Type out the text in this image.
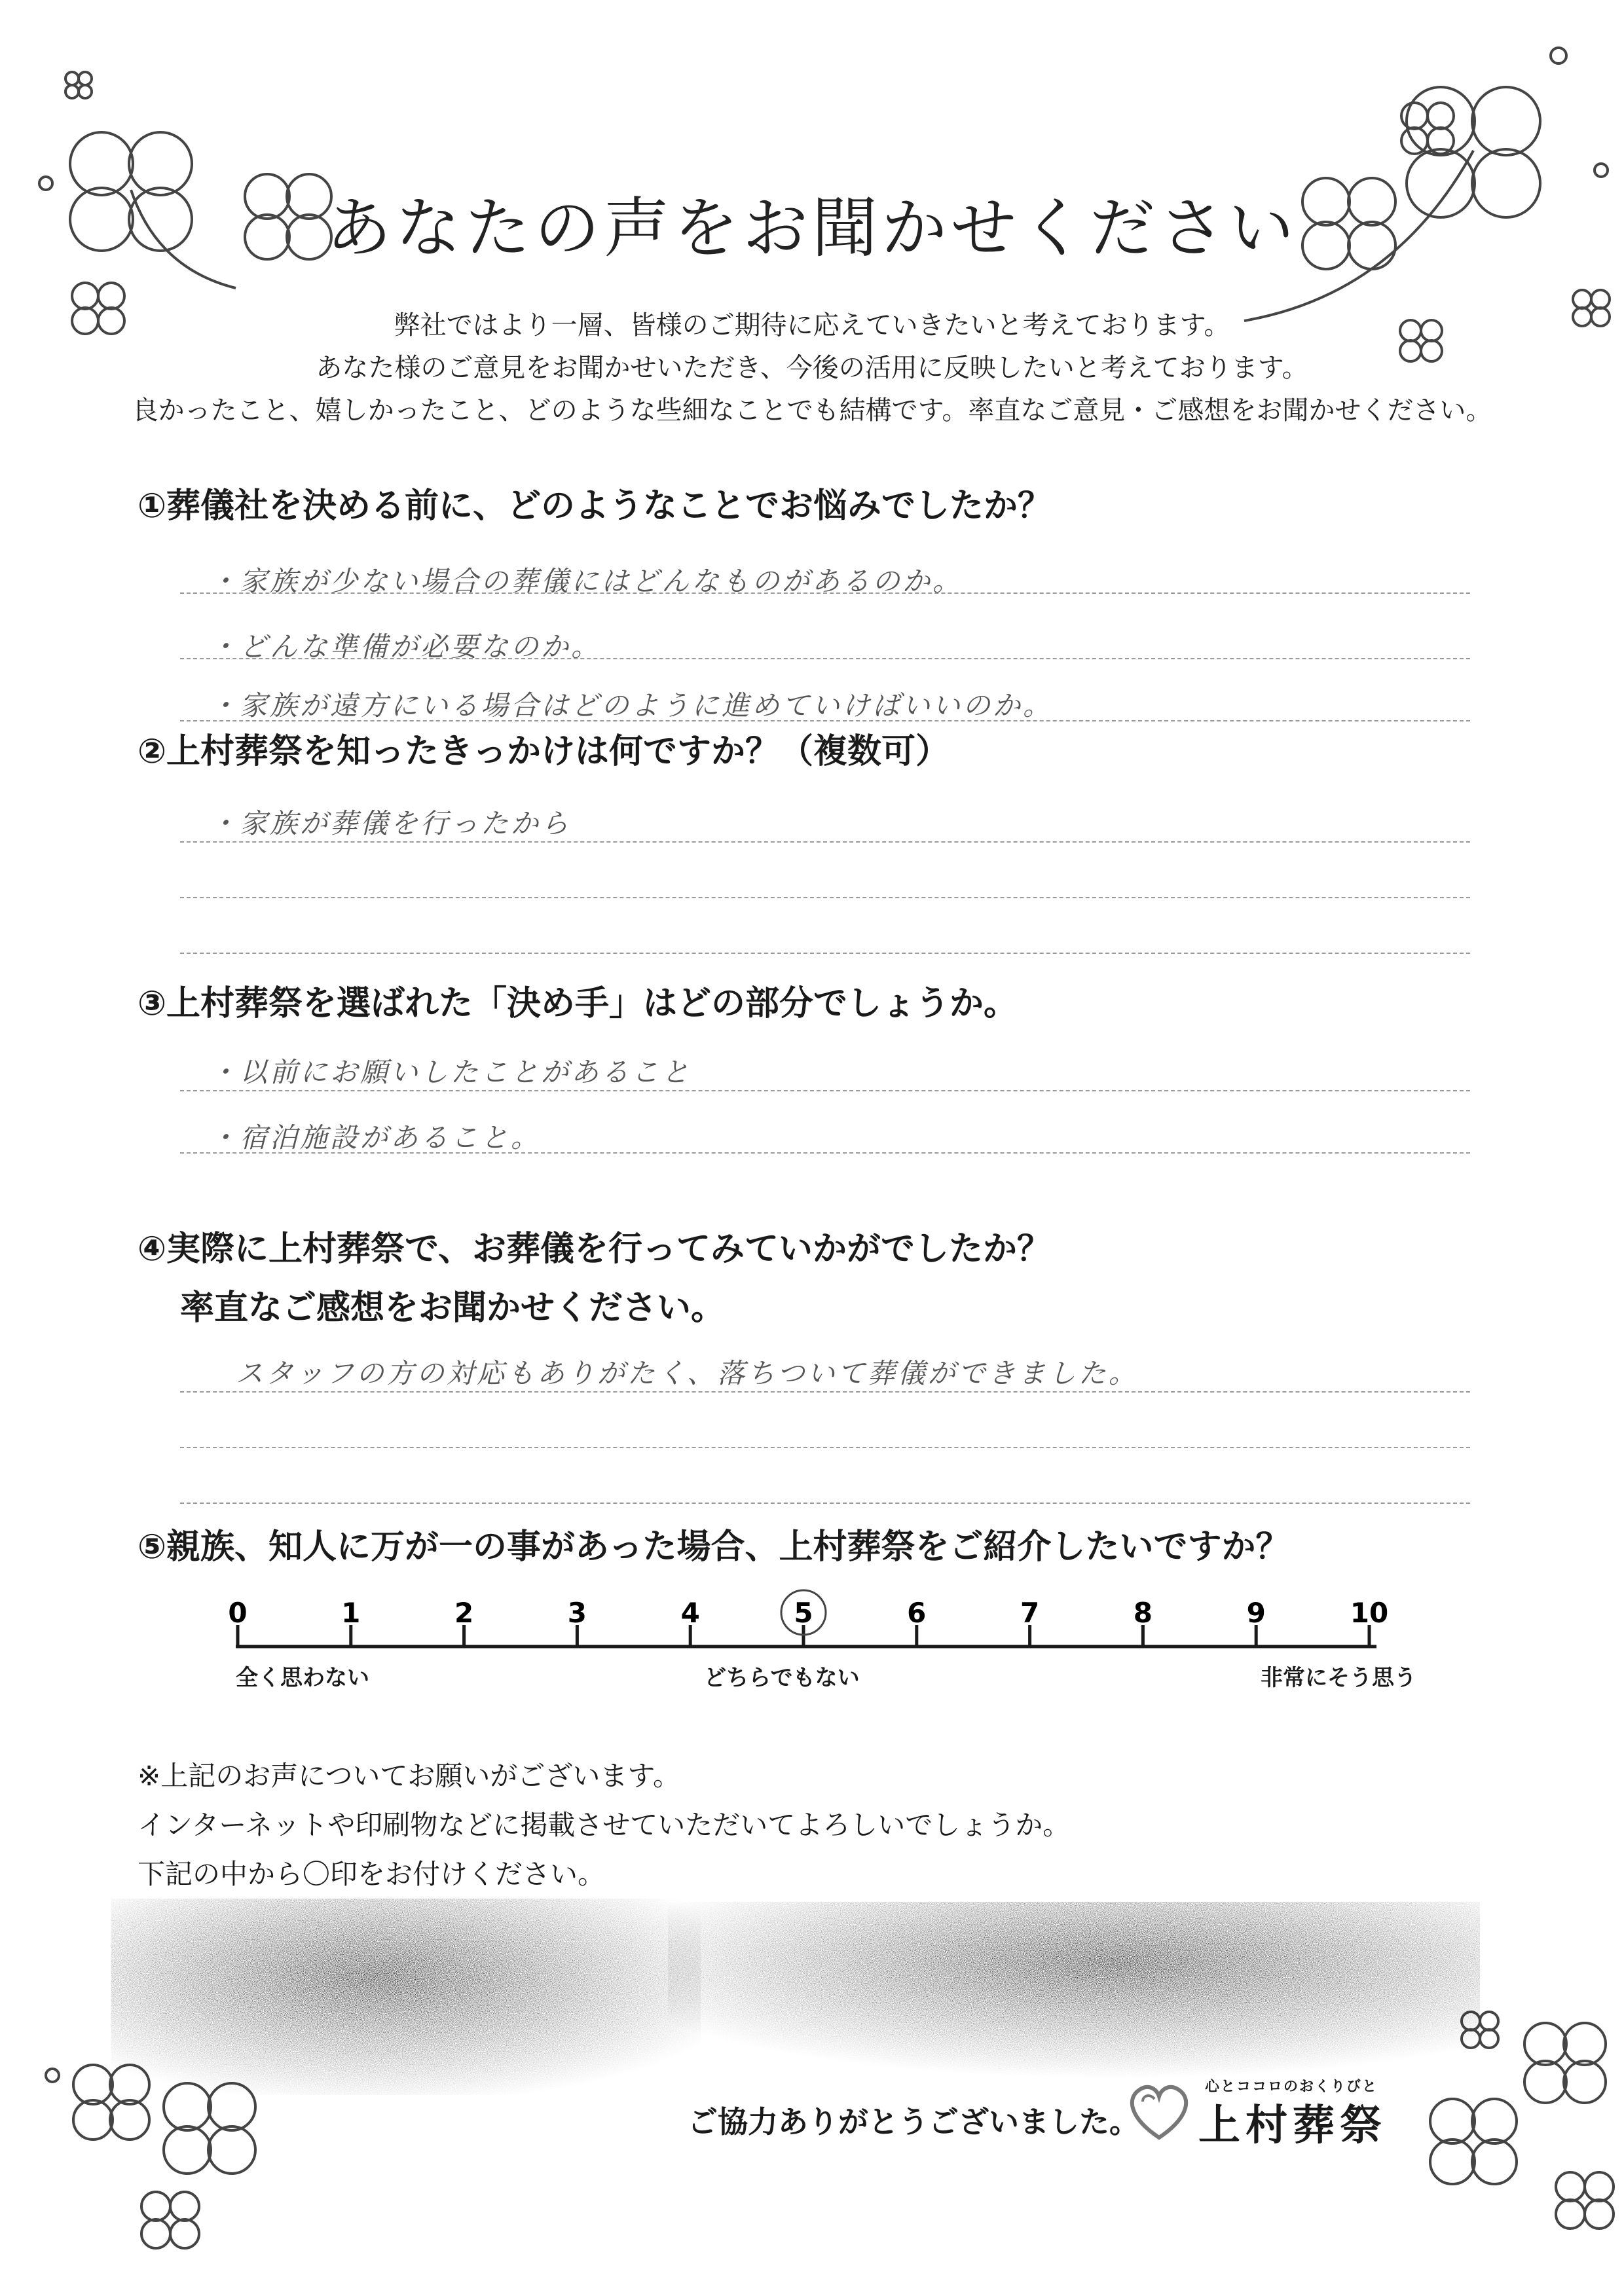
あなたの声をお聞かせください
弊社ではより一層、皆様のご期待に応えていきたいと考えております。
あなた様のご意見をお聞かせいただき、今後の活用に反映したいと考えております。
良かったこと、嬉しかったこと、どのような些細なことでも結構です。率直なご意見・ご感想をお聞かせください。
①葬儀社を決める前に、どのようなことでお悩みでしたか？
・家族が少ない場合の葬儀にはどんなものがあるのか。
・どんな準備が必要なのか。
・家族が遠方にいる場合はどのように進めていけばいいのか。
②上村葬祭を知ったきっかけは何ですか？（複数可）
・家族が葬儀を行ったから
③上村葬祭を選ばれた「決め手」はどの部分でしょうか。
・以前にお願いしたことがあること
・宿泊施設があること。
④実際に上村葬祭で、お葬儀を行ってみていかがでしたか？
率直なご感想をお聞かせください。
スタッフの方の対応もありがたく、落ちついて葬儀ができました。
⑤親族、知人に万が一の事があった場合、上村葬祭をご紹介したいですか？
0	1	2	3	4	5	6	7	8	9	10
全く思わない	どちらでもない	非常にそう思う
※上記のお声についてお願いがございます。
インターネットや印刷物などに掲載させていただいてよろしいでしょうか。
下記の中から〇印をお付けください。
ご協力ありがとうございました。
心とココロのおくりびと
上村葬祭
